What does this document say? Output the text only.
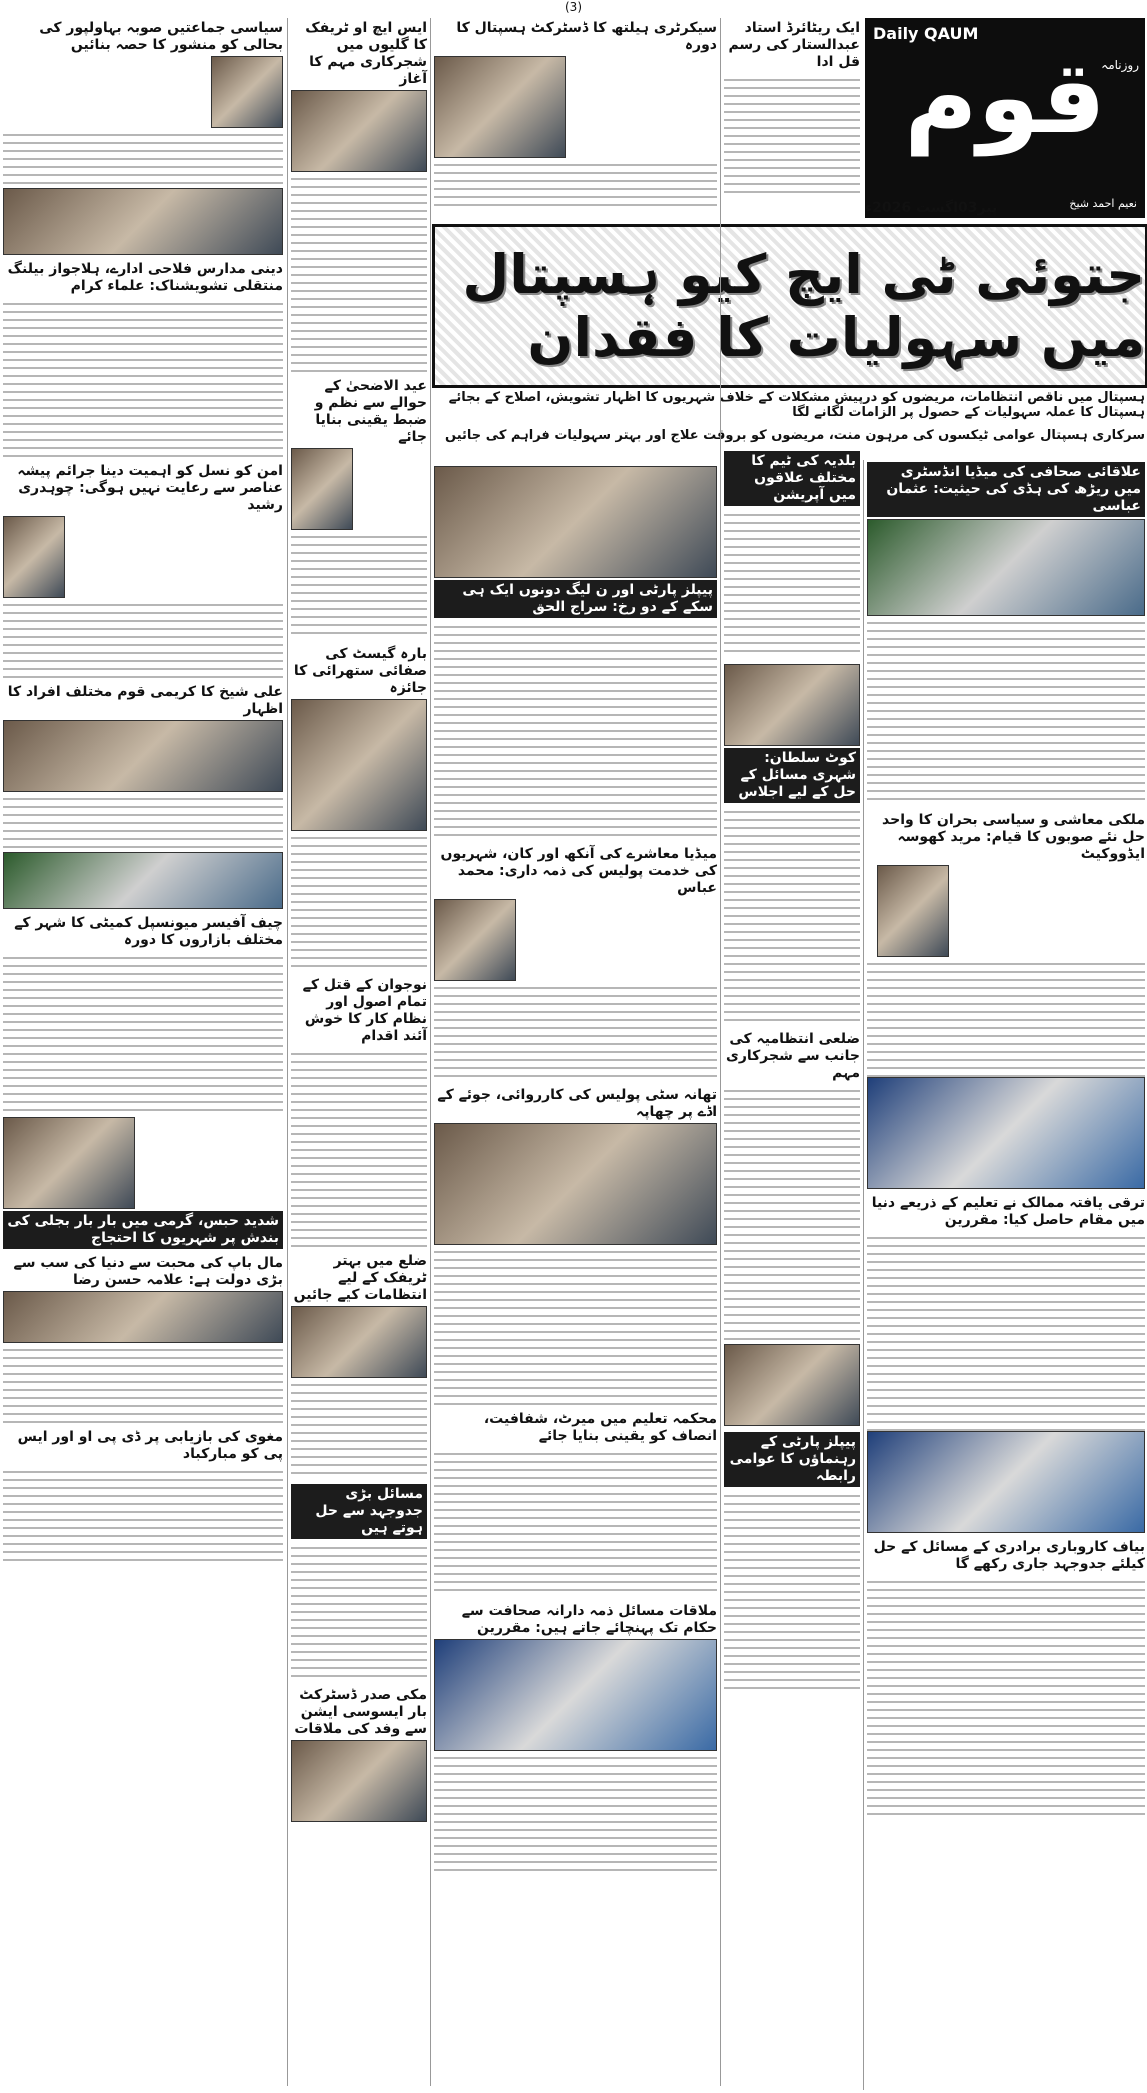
(3)
Daily QAUM
روزنامہ
قوم
نعیم احمد شیخ
پیر03اگست 2026ء
جتوئی ٹی ایچ کیو ہسپتال میں سہولیات کا فقدان
ہسپتال میں ناقص انتظامات، مریضوں کو درپیش مشکلات کے خلاف شہریوں کا اظہار تشویش، اصلاح کے بجائے ہسپتال کا عملہ سہولیات کے حصول پر الزامات لگانے لگا
سرکاری ہسپتال عوامی ٹیکسوں کی مرہون منت، مریضوں کو بروقت علاج اور بہتر سہولیات فراہم کی جائیں
علاقائی صحافی کی میڈیا انڈسٹری میں ریڑھ کی ہڈی کی حیثیت: عثمان عباسی
ملکی معاشی و سیاسی بحران کا واحد حل نئے صوبوں کا قیام: مرید کھوسہ ایڈووکیٹ
ترقی یافتہ ممالک نے تعلیم کے ذریعے دنیا میں مقام حاصل کیا: مقررین
بیاف کاروباری برادری کے مسائل کے حل کیلئے جدوجہد جاری رکھے گا
ایک ریٹائرڈ استاد عبدالستار کی رسم قل ادا
بلدیہ کی ٹیم کا مختلف علاقوں میں آپریشن
کوٹ سلطان: شہری مسائل کے حل کے لیے اجلاس
ضلعی انتظامیہ کی جانب سے شجرکاری مہم
پیپلز پارٹی کے رہنماؤں کا عوامی رابطہ
سیکرٹری ہیلتھ کا ڈسٹرکٹ ہسپتال کا دورہ
پیپلز پارٹی اور ن لیگ دونوں ایک ہی سکے کے دو رخ: سراج الحق
میڈیا معاشرے کی آنکھ اور کان، شہریوں کی خدمت پولیس کی ذمہ داری: محمد عباس
تھانہ سٹی پولیس کی کارروائی، جوئے کے اڈے پر چھاپہ
محکمہ تعلیم میں میرٹ، شفافیت، انصاف کو یقینی بنایا جائے
ملاقات مسائل ذمہ دارانہ صحافت سے حکام تک پہنچائے جاتے ہیں: مقررین
ایس ایچ او ٹریفک کا گلیوں میں شجرکاری مہم کا آغاز
عید الاضحیٰ کے حوالے سے نظم و ضبط یقینی بنایا جائے
بارہ گیسٹ کی صفائی ستھرائی کا جائزہ
نوجوان کے قتل کے تمام اصول اور نظام کار کا خوش آئند اقدام
ضلع میں بہتر ٹریفک کے لیے انتظامات کیے جائیں
مسائل بڑی جدوجہد سے حل ہوتے ہیں
مکی صدر ڈسٹرکٹ بار ایسوسی ایشن سے وفد کی ملاقات
سیاسی جماعتیں صوبہ بہاولپور کی بحالی کو منشور کا حصہ بنائیں
دینی مدارس فلاحی ادارے، ہلاجواز بیلنگ منتقلی تشویشناک: علماء کرام
امن کو نسل کو اہمیت دینا جرائم پیشہ عناصر سے رعایت نہیں ہوگی: چوہدری رشید
علی شیخ کا کریمی قوم مختلف افراد کا اظہار
چیف آفیسر میونسپل کمیٹی کا شہر کے مختلف بازاروں کا دورہ
شدید حبس، گرمی میں بار بار بجلی کی بندش پر شہریوں کا احتجاج
مال باپ کی محبت سے دنیا کی سب سے بڑی دولت ہے: علامہ حسن رضا
مغوی کی بازیابی پر ڈی پی او اور ایس پی کو مبارکباد
